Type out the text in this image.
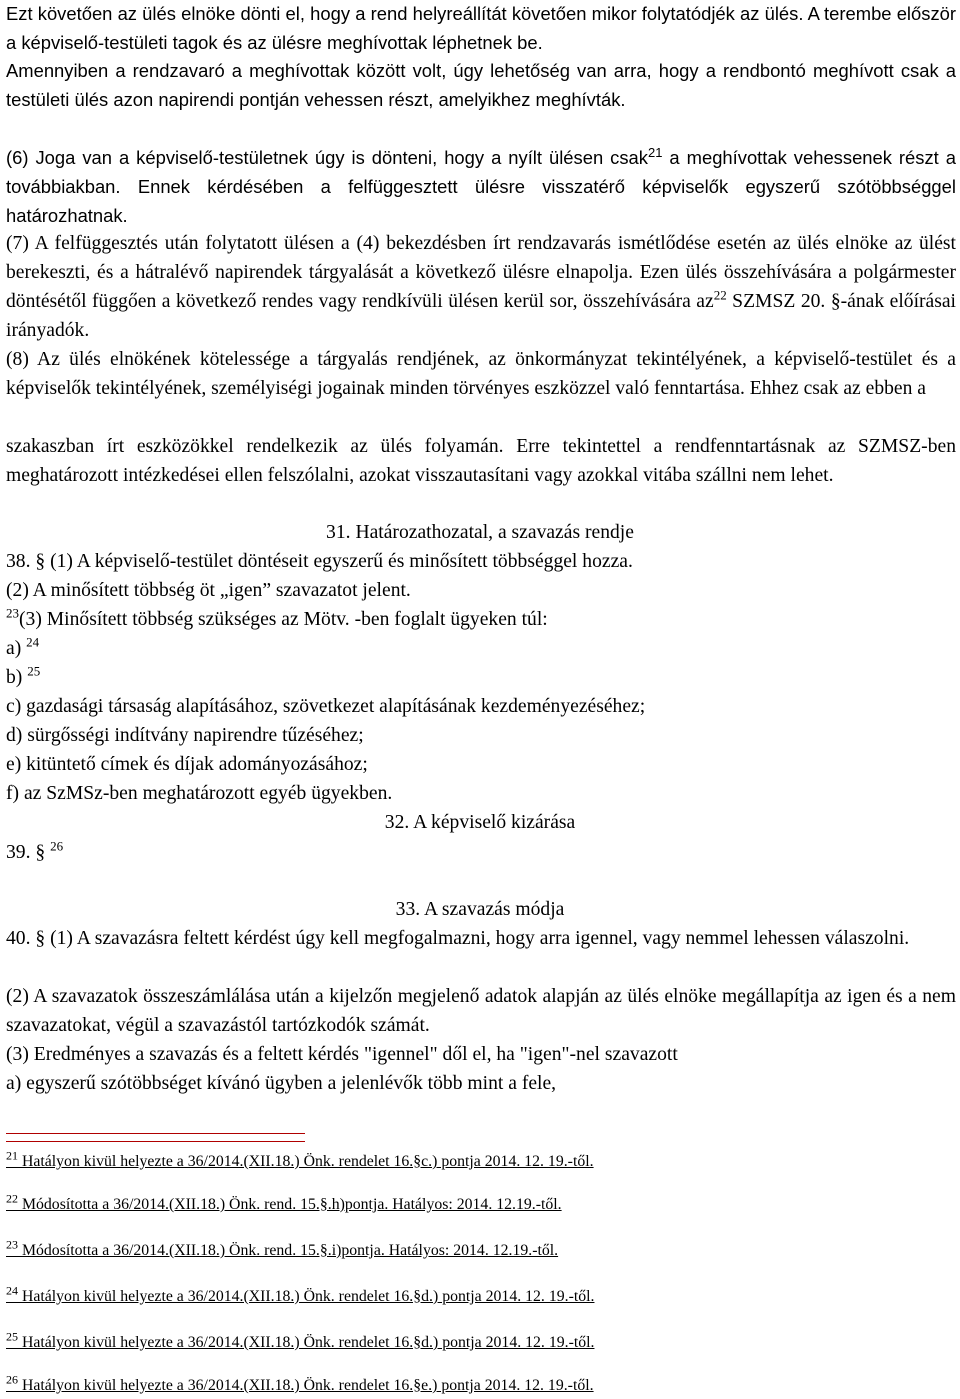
Ezt követően az ülés elnöke dönti el, hogy a rend helyreállítát követően mikor folytatódjék az ülés. A terembe először a képviselő-testületi tagok és az ülésre meghívottak léphetnek be.

Amennyiben a rendzavaró a meghívottak között volt, úgy lehetőség van arra, hogy a rendbontó meghívott csak a testületi ülés azon napirendi pontján vehessen részt, amelyikhez meghívták.

(6) Joga van a képviselő-testületnek úgy is dönteni, hogy a nyílt ülésen csak$^{21}$ a meghívottak vehessenek részt a továbbiakban. Ennek kérdésében a felfüggesztett ülésre visszatérő képviselők egyszerű szótöbbséggel határozhatnak.

(7) A felfüggesztés után folytatott ülésen a (4) bekezdésben írt rendzavarás ismétlődése esetén az ülés elnöke az ülést berekeszti, és a hátralévő napirendek tárgyalását a következő ülésre elnapolja. Ezen ülés összehívására a polgármester döntésétől függően a következő rendes vagy rendkívüli ülésen kerül sor, összehívására $az^{22}$ SZMSZ 20. §-ának előírásai irányadók.

(8) Az ülés elnökének kötelessége a tárgyalás rendjének, az önkormányzat tekintélyének, a képviselő-testület és a képviselők tekintélyének, személyiségi jogainak minden törvényes eszközzel való fenntartása. Ehhez csak az ebben a

szakaszban írt eszközökkel rendelkezik az ülés folyamán. Erre tekintettel a rendfenntartásnak az SZMSZ-ben meghatározott intézkedései ellen felszólalni, azokat visszautasítani vagy azokkal vitába szállni nem lehet.

31. Határozathozatal, a szavazás rendje
38. § (1) A képviselő-testület döntéseit egyszerű és minősített többséggel hozza.
(2) A minősített többség öt „igen” szavazatot jelent.
$^{23}$(3) Minősített többség szükséges az Mötv. -ben foglalt ügyeken túl:
a) $^{24}$
b) $^{25}$
c) gazdasági társaság alapításához, szövetkezet alapításának kezdeményezéséhez;
d) sürgősségi indítvány napirendre tűzéséhez;
e) kitüntető címek és díjak adományozásához;
f) az SzMSz-ben meghatározott egyéb ügyekben.
32. A képviselő kizárása
39. § $^{26}$
33. A szavazás módja

40. § (1) A szavazásra feltett kérdést úgy kell megfogalmazni, hogy arra igennel, vagy nemmel lehessen válaszolni.

(2) A szavazatok összeszámlálása után a kijelzőn megjelenő adatok alapján az ülés elnöke megállapítja az igen és a nem szavazatokat, végül a szavazástól tartózkodók számát.

(3) Eredményes a szavazás és a feltett kérdés "igennel" dől el, ha "igen"-nel szavazott
a) egyszerű szótöbbséget kívánó ügyben a jelenlévők több mint a fele,
$^{21}$ Hatályon kivül helyezte a 36/2014.(XII.18.) Önk. rendelet 16.§c.) pontja 2014. 12. 19.-től.
$^{22}$ Módosította a 36/2014.(XII.18.) Önk. rend. 15.§.h)pontja. Hatályos: 2014. 12.19.-től.
$^{23}$ Módosította a 36/2014.(XII.18.) Önk. rend. 15.§.i)pontja. Hatályos: 2014. 12.19.-től.
$^{24}$ Hatályon kivül helyezte a 36/2014.(XII.18.) Önk. rendelet 16.§d.) pontja 2014. 12. 19.-től.
$^{25}$ Hatályon kivül helyezte a 36/2014.(XII.18.) Önk. rendelet 16.§d.) pontja 2014. 12. 19.-től.
$^{26}$ Hatályon kivül helyezte a 36/2014.(XII.18.) Önk. rendelet 16.§e.) pontja 2014. 12. 19.-től.
